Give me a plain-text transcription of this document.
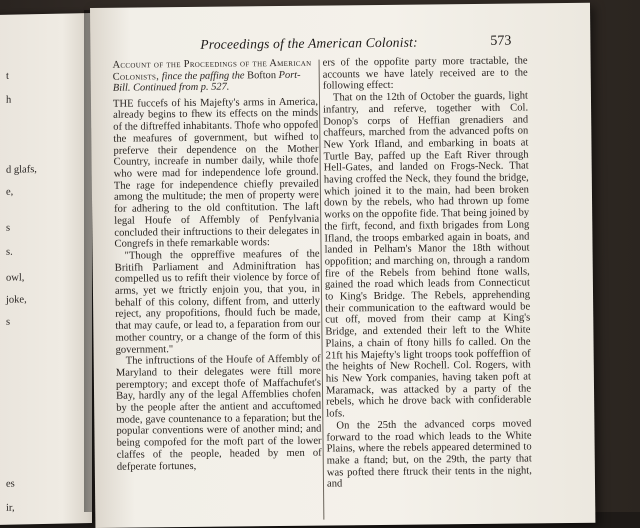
t
h
d glafs,
e,
s
s.
owl,
joke,
s
es
ir,
Proceedings of the American Colonist:	573
Account of the Proceedings of the American Colonists, fince the paffing the Bofton Port-Bill. Continued from p. 527.

THE fuccefs of his Majefty's arms in America, already begins to fhew its effects on the minds of the diftreffed inhabitants. Thofe who oppofed the meafures of government, but wifhed to preferve their dependence on the Mother Country, increafe in number daily, while thofe who were mad for independence lofe ground. The rage for independence chiefly prevailed among the multitude; the men of property were for adhering to the old conftitution. The laft legal Houfe of Affembly of Penfylvania concluded their inftructions to their delegates in Congrefs in thefe remarkable words:

"Though the oppreffive meafures of the Britifh Parliament and Adminiftration has compelled us to refift their violence by force of arms, yet we ftrictly enjoin you, that you, in behalf of this colony, diffent from, and utterly reject, any propofitions, fhould fuch be made, that may caufe, or lead to, a feparation from our mother country, or a change of the form of this government."

The inftructions of the Houfe of Affembly of Maryland to their delegates were ftill more peremptory; and except thofe of Maffachufet's Bay, hardly any of the legal Affemblies chofen by the people after the antient and accuftomed mode, gave countenance to a feparation; but the popular conventions were of another mind; and being compofed for the moft part of the lower claffes of the people, headed by men of defperate fortunes,

ers of the oppofite party more tractable, the accounts we have lately received are to the following effect:

That on the 12th of October the guards, light infantry, and referve, together with Col. Donop's corps of Heffian grenadiers and chaffeurs, marched from the advanced pofts on New York Ifland, and embarking in boats at Turtle Bay, paffed up the Eaft River through Hell-Gates, and landed on Frogs-Neck. That having croffed the Neck, they found the bridge, which joined it to the main, had been broken down by the rebels, who had thrown up fome works on the oppofite fide. That being joined by the firft, fecond, and fixth brigades from Long Ifland, the troops embarked again in boats, and landed in Pelham's Manor the 18th without oppofition; and marching on, through a random fire of the Rebels from behind ftone walls, gained the road which leads from Connecticut to King's Bridge. The Rebels, apprehending their communication to the eaftward would be cut off, moved from their camp at King's Bridge, and extended their left to the White Plains, a chain of ftony hills fo called. On the 21ft his Majefty's light troops took poffeffion of the heights of New Rochell. Col. Rogers, with his New York companies, having taken poft at Maramack, was attacked by a party of the rebels, which he drove back with confiderable lofs.

On the 25th the advanced corps moved forward to the road which leads to the White Plains, where the rebels appeared determined to make a ftand; but, on the 29th, the party that was pofted there ftruck their tents in the night, and
